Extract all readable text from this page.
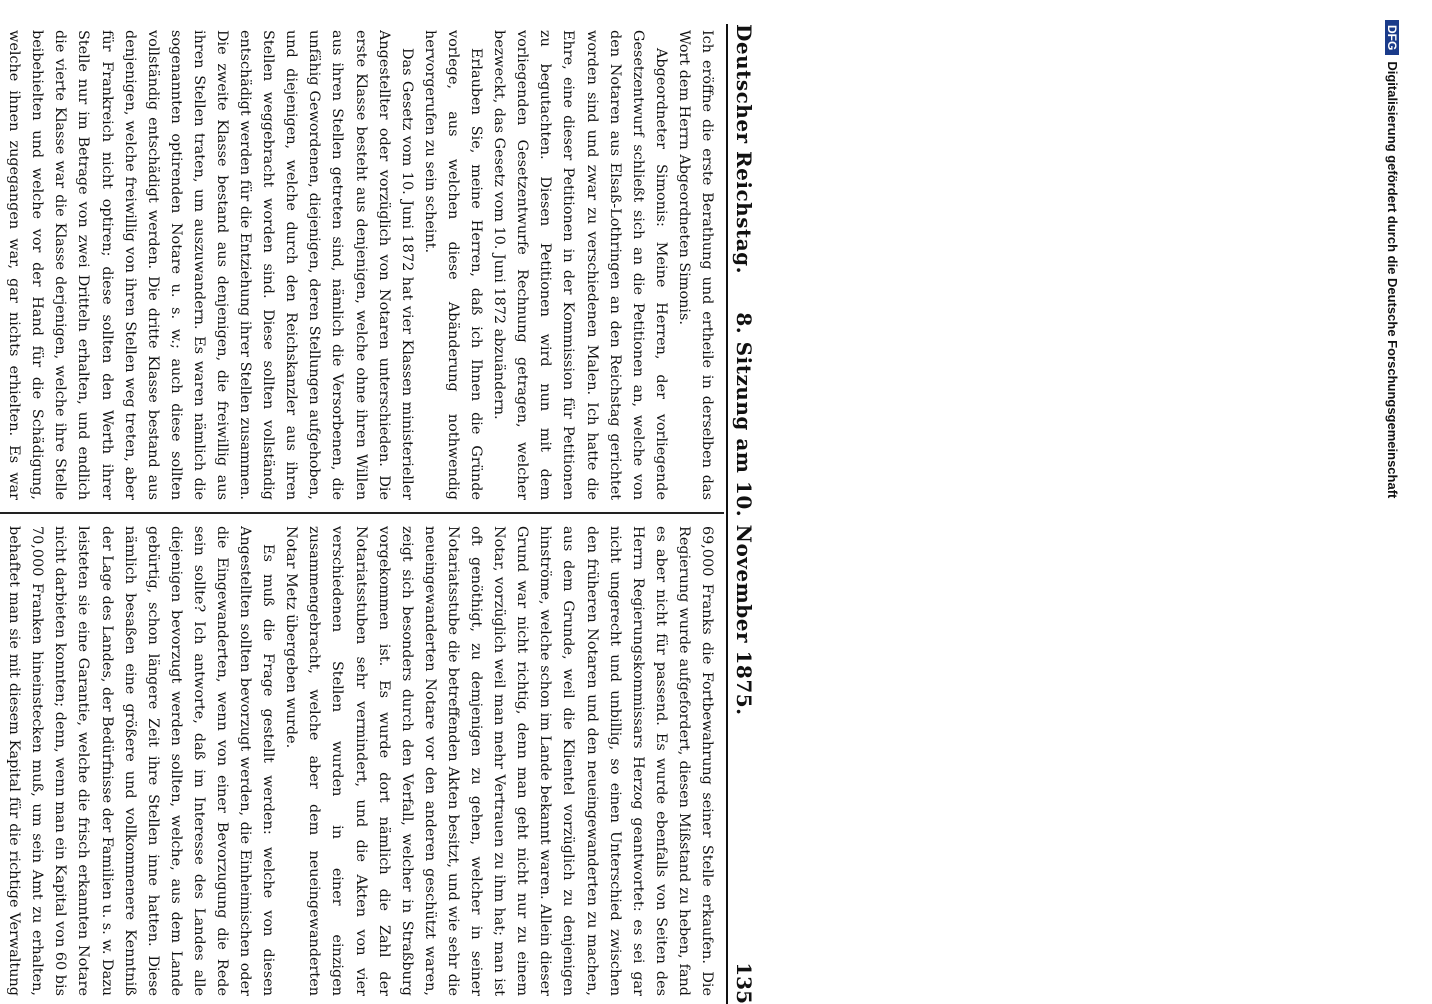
Deutscher Reichstag.
8. Sitzung am 10. November 1875.
135

Ich eröffne die erste Berathung und ertheile in derselben das Wort dem Herrn Abgeordneten Simonis.

Abgeordneter Simonis: Meine Herren, der vorliegende Gesetzentwurf schließt sich an die Petitionen an, welche von den Notaren aus Elsaß-Lothringen an den Reichstag gerichtet worden sind und zwar zu verschiedenen Malen. Ich hatte die Ehre, eine dieser Petitionen in der Kommission für Petitionen zu begutachten. Diesen Petitionen wird nun mit dem vorliegenden Gesetzentwurfe Rechnung getragen, welcher bezweckt, das Gesetz vom 10. Juni 1872 abzuändern.

Erlauben Sie, meine Herren, daß ich Ihnen die Gründe vorlege, aus welchen diese Abänderung nothwendig hervorgerufen zu sein scheint.

Das Gesetz vom 10. Juni 1872 hat vier Klassen ministerieller Angestellter oder vorzüglich von Notaren unterschieden. Die erste Klasse besteht aus denjenigen, welche ohne ihren Willen aus ihren Stellen getreten sind, nämlich die Versorbenen, die unfähig Gewordenen, diejenigen, deren Stellungen aufgehoben, und diejenigen, welche durch den Reichskanzler aus ihren Stellen weggebracht worden sind. Diese sollten vollständig entschädigt werden für die Entziehung ihrer Stellen zusammen. Die zweite Klasse bestand aus denjenigen, die freiwillig aus ihren Stellen traten, um auszuwandern. Es waren nämlich die sogenannten optirenden Notare u. s. w.; auch diese sollten vollständig entschädigt werden. Die dritte Klasse bestand aus denjenigen, welche freiwillig von ihren Stellen weg treten, aber für Frankreich nicht optiren; diese sollten den Werth ihrer Stelle nur im Betrage von zwei Dritteln erhalten, und endlich die vierte Klasse war die Klasse derjenigen, welche ihre Stelle beibehielten und welche vor der Hand für die Schädigung, welche ihnen zugegangen war, gar nichts erhielten. Es war

69,000 Franks die Fortbewahrung seiner Stelle erkaufen. Die Regierung wurde aufgefordert, diesen Mißstand zu heben, fand es aber nicht für passend. Es wurde ebenfalls von Seiten des Herrn Regierungskommissars Herzog geantwortet: es sei gar nicht ungerecht und unbillig, so einen Unterschied zwischen den früheren Notaren und den neueingewanderten zu machen, aus dem Grunde, weil die Klientel vorzüglich zu denjenigen hinströme, welche schon im Lande bekannt waren. Allein dieser Grund war nicht richtig, denn man geht nicht nur zu einem Notar, vorzüglich weil man mehr Vertrauen zu ihm hat; man ist oft genöthigt, zu demjenigen zu gehen, welcher in seiner Notariatsstube die betreffenden Akten besitzt, und wie sehr die neueingewanderten Notare vor den anderen geschützt waren, zeigt sich besonders durch den Verfall, welcher in Straßburg vorgekommen ist. Es wurde dort nämlich die Zahl der Notariatsstuben sehr vermindert, und die Akten von vier verschiedenen Stellen wurden in einer einzigen zusammengebracht, welche aber dem neueingewanderten Notar Metz übergeben wurde.

Es muß die Frage gestellt werden: welche von diesen Angestellten sollten bevorzugt werden, die Einheimischen oder die Eingewanderten, wenn von einer Bevorzugung die Rede sein sollte? Ich antworte, daß im Interesse des Landes alle diejenigen bevorzugt werden sollten, welche, aus dem Lande gebürtig, schon längere Zeit ihre Stellen inne hatten. Diese nämlich besaßen eine größere und vollkommenere Kenntniß der Lage des Landes, der Bedürfnisse der Familien u. s. w. Dazu leisteten sie eine Garantie, welche die frisch erkannten Notare nicht darbieten konnten; denn, wenn man ein Kapital von 60 bis 70,000 Franken hineinstecken muß, um sein Amt zu erhalten, behaftet man sie mit diesem Kapital für die richtige Verwaltung

DFGDigitalisierung gefördert durch die Deutsche Forschungsgemeinschaft
